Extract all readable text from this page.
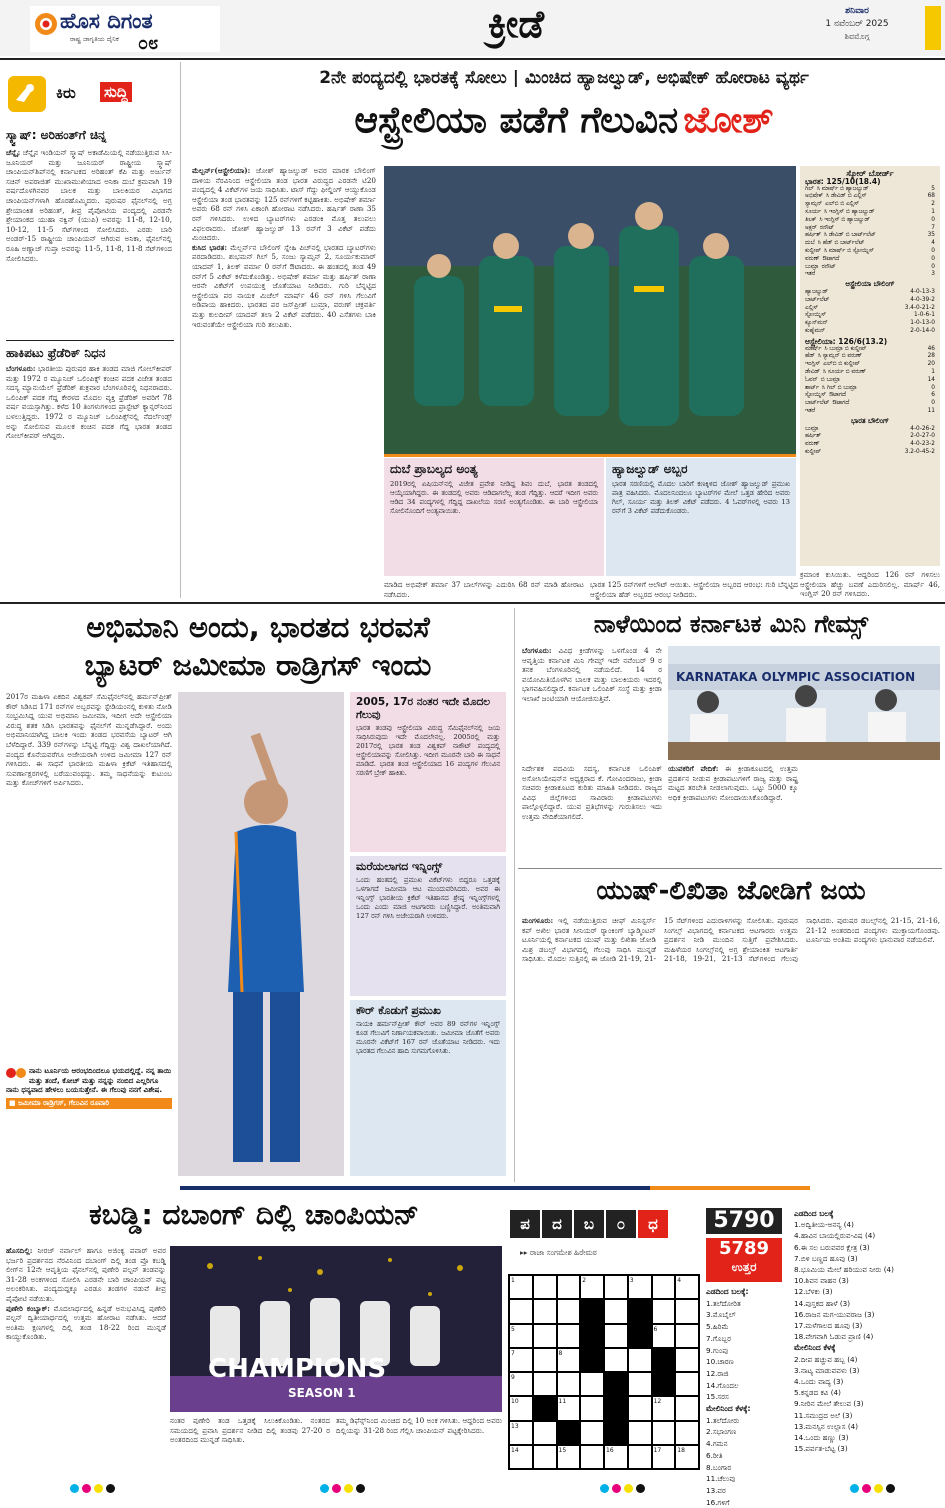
ಹೊಸ ದಿಗಂತ
ರಾಷ್ಟ್ರ ಜಾಗೃತಿಯ ದೈನಿಕ ೦೮	ಕ್ರೀಡೆ	ಶನಿವಾರ
1 ನವೆಂಬರ್ 2025
ಶಿವಮೊಗ್ಗ
ಕಿರು ಸುದ್ದಿ
ಸ್ಕ್ವಾಷ್: ಅರಿಹಂತ್‌ಗೆ ಚಿನ್ನ
ಚೆನ್ನೈ: ಚೆನ್ನೈನ ಇಂಡಿಯನ್ ಸ್ಕ್ವಾಷ್ ಅಕಾಡೆಮಿಯಲ್ಲಿ ನಡೆಯುತ್ತಿರುವ ಸಿಸಿ-ಜೂನಿಯರ್ ಮತ್ತು ಜೂನಿಯರ್ ರಾಷ್ಟ್ರೀಯ ಸ್ಕ್ವಾಷ್ ಚಾಂಪಿಯನ್‌ಶಿಪ್‌ನಲ್ಲಿ ಕರ್ನಾಟಕದ ಅರಿಹಂತ್ ಕೆಪಿ ಮತ್ತು ಅರ್ಜುನ್ ಸಚಿನ್ ಅಪರಾಜಿತ್ ಮುಖಾಮುಖಿಯಾದ ಅನಿಕಾ ದುಬೆ ಕ್ರಮವಾಗಿ 19 ವರ್ಷದೊಳಗಿನವರ ಬಾಲಕ ಮತ್ತು ಬಾಲಕಿಯರ ವಿಭಾಗದ ಚಾಂಪಿಯನ್‌ಗಳಾಗಿ ಹೊರಹೊಮ್ಮಿದರು. ಪುರುಷರ ಫೈನಲ್‌ನಲ್ಲಿ ಅಗ್ರ ಶ್ರೇಯಾಂಕಿತ ಅರಿಹಂತ್, ತೀವ್ರ ಪೈಪೋಟಿಯ ಪಂದ್ಯದಲ್ಲಿ ಎರಡನೇ ಶ್ರೇಯಾಂಕದ ಯುಹಾ ನಕ್ವಿನ್ (ಯುಪಿ) ಅವರನ್ನು 11-8, 12-10, 10-12, 11-5 ಸೆಟ್‌ಗಳಿಂದ ಸೋಲಿಸಿದರು. ಎರಡು ಬಾರಿ ಅಂಡರ್-15 ರಾಷ್ಟ್ರೀಯ ಚಾಂಪಿಯನ್ ಆಗಿರುವ ಅನಿಕಾ, ಫೈನಲ್‌ನಲ್ಲಿ ರೂಹಿ ಅಣ್ಣಾಜ್ ಗುಪ್ತಾ ಅವರನ್ನು 11-5, 11-8, 11-8 ಸೆಟ್‌ಗಳಿಂದ ಸೋಲಿಸಿದರು.
ಹಾಕಿಪಟು ಫ್ರೆಡೆರಿಕ್ ನಿಧನ
ಬೆಂಗಳೂರು: ಭಾರತೀಯ ಪುರುಷರ ಹಾಕಿ ತಂಡದ ಮಾಜಿ ಗೋಲ್‌ಕೀಪರ್ ಮತ್ತು 1972 ರ ಮ್ಯೂನಿಚ್ ಒಲಿಂಪಿಕ್ಸ್ ಕಂಚಿನ ಪದಕ ವಿಜೇತ ತಂಡದ ಸದಸ್ಯ ಮ್ಯಾನುಯೆಲ್ ಫ್ರೆಡೆರಿಕ್ ಶುಕ್ರವಾರ ಬೆಂಗಳೂರಿನಲ್ಲಿ ನಿಧನರಾದರು. ಒಲಿಂಪಿಕ್ ಪದಕ ಗೆದ್ದ ಕೇರಳದ ಮೊದಲ ವ್ಯಕ್ತಿ ಫ್ರೆಡೆರಿಕ್ ಅವರಿಗೆ 78 ವರ್ಷ ವಯಸ್ಸಾಗಿತ್ತು. ಕಳೆದ 10 ತಿಂಗಳುಗಳಿಂದ ಪ್ರಾಸ್ಟೇಟ್ ಕ್ಯಾನ್ಸರ್‌ನಿಂದ ಬಳಲುತ್ತಿದ್ದರು. 1972 ರ ಮ್ಯೂನಿಚ್ ಒಲಿಂಪಿಕ್ಸ್‌ನಲ್ಲಿ ನೆದರ್ಲೆಂಡ್ಸ್ ಅನ್ನು ಸೋಲಿಸುವ ಮೂಲಕ ಕಂಚಿನ ಪದಕ ಗೆದ್ದ ಭಾರತ ತಂಡದ ಗೋಲ್‌ಕೀಪರ್ ಆಗಿದ್ದರು.
2ನೇ ಪಂದ್ಯದಲ್ಲಿ ಭಾರತಕ್ಕೆ ಸೋಲು | ಮಿಂಚಿದ ಹ್ಯಾಜಲ್ವುಡ್, ಅಭಿಷೇಕ್ ಹೋರಾಟ ವ್ಯರ್ಥ
ಆಸ್ಟ್ರೇಲಿಯಾ ಪಡೆಗೆ ಗೆಲುವಿನ ಜೋಶ್
ಮೆಲ್ಬರ್ನ್(ಆಸ್ಟ್ರೇಲಿಯಾ): ಜೋಶ್ ಹ್ಯಾಜಲ್ವುಡ್ ಅವರ ಮಾರಕ ಬೌಲಿಂಗ್ ದಾಳಿಯ ನೆರವಿನಿಂದ ಆಸ್ಟ್ರೇಲಿಯಾ ತಂಡ ಭಾರತ ವಿರುದ್ಧದ ಎರಡನೇ ಟಿ20 ಪಂದ್ಯದಲ್ಲಿ 4 ವಿಕೆಟ್‌ಗಳ ಜಯ ಸಾಧಿಸಿತು. ಟಾಸ್ ಗೆದ್ದು ಫೀಲ್ಡಿಂಗ್ ಆಯ್ದುಕೊಂಡ ಆಸ್ಟ್ರೇಲಿಯಾ ತಂಡ ಭಾರತವನ್ನು 125 ರನ್‌ಗಳಿಗೆ ಕಟ್ಟಿಹಾಕಿತು. ಅಭಿಷೇಕ್ ಶರ್ಮಾ ಅವರು 68 ರನ್ ಗಳಿಸಿ ಏಕಾಂಗಿ ಹೋರಾಟ ನಡೆಸಿದರು. ಹರ್ಷಿತ್ ರಾಣಾ 35 ರನ್ ಗಳಿಸಿದರು. ಉಳಿದ ಬ್ಯಾಟರ್‌ಗಳು ಎರಡಂಕಿ ಮೊತ್ತ ತಲುಪಲು ವಿಫಲರಾದರು. ಜೋಶ್ ಹ್ಯಾಜಲ್ವುಡ್ 13 ರನ್‌ಗೆ 3 ವಿಕೆಟ್ ಪಡೆದು ಮಿಂಚಿದರು.
ಕುಸಿದ ಭಾರತ: ಮೆಲ್ಬರ್ನ್‌ನ ಬೌಲಿಂಗ್ ಸ್ನೇಹಿ ಪಿಚ್‌ನಲ್ಲಿ ಭಾರತದ ಬ್ಯಾಟರ್‌ಗಳು ಪರದಾಡಿದರು. ಶುಭಮನ್ ಗಿಲ್ 5, ಸಂಜು ಸ್ಯಾಮ್ಸನ್ 2, ಸೂರ್ಯಕುಮಾರ್ ಯಾದವ್ 1, ತಿಲಕ್ ವರ್ಮಾ 0 ರನ್‌ಗೆ ಔಟಾದರು. ಈ ಹಂತದಲ್ಲಿ ತಂಡ 49 ರನ್‌ಗೆ 5 ವಿಕೆಟ್ ಕಳೆದುಕೊಂಡಿತ್ತು. ಅಭಿಷೇಕ್ ಶರ್ಮಾ ಮತ್ತು ಹರ್ಷಿತ್ ರಾಣಾ ಆರನೇ ವಿಕೆಟ್‌ಗೆ ಉಪಯುಕ್ತ ಜೊತೆಯಾಟ ನೀಡಿದರು. ಗುರಿ ಬೆನ್ನಟ್ಟಿದ ಆಸ್ಟ್ರೇಲಿಯಾ ಪರ ನಾಯಕ ಮಿಚೆಲ್ ಮಾರ್ಷ್ 46 ರನ್ ಗಳಿಸಿ ಗೆಲುವಿಗೆ ಅಡಿಪಾಯ ಹಾಕಿದರು. ಭಾರತದ ಪರ ಜಸ್‌ಪ್ರೀತ್ ಬುಮ್ರಾ, ವರುಣ್ ಚಕ್ರವರ್ತಿ ಮತ್ತು ಕುಲದೀಪ್ ಯಾದವ್ ತಲಾ 2 ವಿಕೆಟ್ ಪಡೆದರು. 40 ಎಸೆತಗಳು ಬಾಕಿ ಇರುವಂತೆಯೇ ಆಸ್ಟ್ರೇಲಿಯಾ ಗುರಿ ತಲುಪಿತು.
ದುಬೆ ಪ್ರಾಬಲ್ಯದ ಅಂತ್ಯ
2019ರಲ್ಲಿ ಏಷಿಯನ್‌ನಲ್ಲಿ ವಿಜೇತ ಪ್ರವೇಶ ನೀಡಿದ್ದ ಶಿವಂ ದುಬೆ, ಭಾರತ ತಂಡದಲ್ಲಿ ಆಯ್ಕೆಯಾಗಿದ್ದರು. ಈ ತಂಡದಲ್ಲಿ ಅವರು ಆಡಿದಾಗಲೆಲ್ಲ ತಂಡ ಗೆದ್ದಿತ್ತು. ಆದರೆ ಇದೀಗ ಅವರು ಆಡಿದ 34 ಪಂದ್ಯಗಳಲ್ಲಿ ಗೆದ್ದಿದ್ದ ದಾಖಲೆಯ ಸರಣಿ ಅಂತ್ಯಗೊಂಡಿತು. ಈ ಬಾರಿ ಆಸ್ಟ್ರೇಲಿಯಾ ಸೋಲಿನೊಂದಿಗೆ ಅಂತ್ಯವಾಯಿತು.
ಹ್ಯಾಜಲ್ವುಡ್ ಅಬ್ಬರ
ಭಾರತ ಸರಣಿಯಲ್ಲಿ ಮೊದಲ ಬಾರಿಗೆ ಕಣಕ್ಕಿಳಿದ ಜೋಶ್ ಹ್ಯಾಜಲ್ವುಡ್ ಪ್ರಮುಖ ಪಾತ್ರ ವಹಿಸಿದರು. ಮೊದಲನಿಂದಲೂ ಬ್ಯಾಟರ್‌ಗಳ ಮೇಲೆ ಒತ್ತಡ ಹೇರಿದ ಅವರು ಗಿಲ್, ಸೂರ್ಯ ಮತ್ತು ತಿಲಕ್ ವಿಕೆಟ್ ಪಡೆದರು. 4 ಓವರ್‌ಗಳಲ್ಲಿ ಅವರು 13 ರನ್‌ಗೆ 3 ವಿಕೆಟ್ ಪಡೆದುಕೊಂಡರು.
ಮಾಡಿದ ಅಭಿಷೇಕ್ ಶರ್ಮಾ 37 ಬಾಲ್‌ಗಳನ್ನು ಎದುರಿಸಿ 68 ರನ್ ಮಾಡಿ ಹೋರಾಟ ನಡೆಸಿದರು.
ಭಾರತ 125 ರನ್‌ಗಳಿಗೆ ಆಲೌಟ್ ಆಯಿತು. ಆಸ್ಟ್ರೇಲಿಯಾ ಅಬ್ಬರದ ಆರಂಭ: ಗುರಿ ಬೆನ್ನಟ್ಟಿದ ಆಸ್ಟ್ರೇಲಿಯಾ ಹೆಡ್ ಅಬ್ಬರದ ಆರಂಭ ನೀಡಿದರು.
ಕ್ರಮಾಂಕ ಕುಸಿಯಿತು. ಆದ್ದರಿಂದ 126 ರನ್ ಗಳಿಸಲು ಆಸ್ಟ್ರೇಲಿಯಾ ಹೆಚ್ಚು ಬವಣೆ ಎದುರಿಸಲಿಲ್ಲ. ಮಾರ್ಷ್ 46, ಇಂಗ್ಲಿಸ್ 20 ರನ್ ಗಳಿಸಿದರು.
ಸ್ಕೋರ್ ಬೋರ್ಡ್
ಭಾರತ: 125/10(18.4)
ಗಿಲ್ ಸಿ ಮಾರ್ಷ್ ಬಿ ಹ್ಯಾಜಲ್ವುಡ್	5
ಅಭಿಷೇಕ್ ಸಿ ಡೇವಿಡ್ ಬಿ ಎಲ್ಲಿಸ್	68
ಸ್ಯಾಮ್ಸನ್ ಎಲ್‌ಬಿ ಬಿ ಎಲ್ಲಿಸ್	2
ಸೂರ್ಯ ಸಿ ಇಂಗ್ಲಿಸ್ ಬಿ ಹ್ಯಾಜಲ್ವುಡ್	1
ತಿಲಕ್ ಸಿ ಇಂಗ್ಲಿಸ್ ಬಿ ಹ್ಯಾಜಲ್ವುಡ್	0
ಅಕ್ಷರ್ ರನೌಟ್	7
ಹರ್ಷಿತ್ ಸಿ ಡೇವಿಡ್ ಬಿ ಬಾರ್ಟ್‌ಲೆಟ್	35
ದುಬೆ ಸಿ ಹೆಡ್ ಬಿ ಬಾರ್ಟ್‌ಲೆಟ್	4
ಕುಲ್ದೀಪ್ ಸಿ ಮಾರ್ಷ್ ಬಿ ಸ್ಟೋಯ್ನಿಸ್	0
ವರುಣ್ ಔಟಾಗದೆ	0
ಬುಮ್ರಾ ರನೌಟ್	0
ಇತರೆ	3
ಆಸ್ಟ್ರೇಲಿಯಾ ಬೌಲಿಂಗ್
ಹ್ಯಾಜಲ್ವುಡ್	4-0-13-3
ಬಾರ್ಟ್‌ಲೆಟ್	4-0-39-2
ಎಲ್ಲಿಸ್	3.4-0-21-2
ಸ್ಟೋಯ್ನಿಸ್	1-0-6-1
ಕ್ಯೂನ್‌ಮನ್	1-0-13-0
ಕುಹ್ನೆಮನ್	2-0-14-0
ಆಸ್ಟ್ರೇಲಿಯಾ: 126/6(13.2)
ಮಾರ್ಷ್ ಸಿ ಬುಮ್ರಾ ಬಿ ಕುಲ್ದೀಪ್	46
ಹೆಡ್ ಸಿ ಸ್ಯಾಮ್ಸನ್ ಬಿ ವರುಣ್	28
ಇಂಗ್ಲಿಸ್ ಎಲ್‌ಬಿ ಬಿ ಕುಲ್ದೀಪ್	20
ಡೇವಿಡ್ ಸಿ ಸೂರ್ಯ ಬಿ ವರುಣ್	1
ಓವನ್ ಬಿ ಬುಮ್ರಾ	14
ಶಾರ್ಟ್ ಸಿ ಗಿಲ್ ಬಿ ಬುಮ್ರಾ	0
ಸ್ಟೋಯ್ನಿಸ್ ಔಟಾಗದೆ	6
ಬಾರ್ಟ್‌ಲೆಟ್ ಔಟಾಗದೆ	0
ಇತರೆ	11
ಭಾರತ ಬೌಲಿಂಗ್
ಬುಮ್ರಾ	4-0-26-2
ಹರ್ಷಿತ್	2-0-27-0
ವರುಣ್	4-0-23-2
ಕುಲ್ದೀಪ್	3.2-0-45-2
ಅಭಿಮಾನಿ ಅಂದು, ಭಾರತದ ಭರವಸೆ
ಬ್ಯಾಟರ್ ಜಮೀಮಾ ರಾಡ್ರಿಗಸ್ ಇಂದು
2017ರ ಮಹಿಳಾ ಏಕದಿನ ವಿಶ್ವಕಪ್ ಸೆಮಿಫೈನಲ್‌ನಲ್ಲಿ ಹರ್ಮನ್‌ಪ್ರೀತ್ ಕೌರ್ ಸಿಡಿಸಿದ 171 ರನ್‌ಗಳ ಅಬ್ಬರವನ್ನು ಸ್ಟೇಡಿಯಂನಲ್ಲಿ ಕುಳಿತು ನೋಡಿ ಸಂಭ್ರಮಿಸಿದ್ದ ಯುವ ಅಭಿಮಾನಿ ಜಮೀಮಾ, ಇದೀಗ ಅದೇ ಆಸ್ಟ್ರೇಲಿಯಾ ವಿರುದ್ಧ ಶತಕ ಸಿಡಿಸಿ ಭಾರತವನ್ನು ಫೈನಲ್‌ಗೆ ಮುನ್ನಡೆಸಿದ್ದಾರೆ. ಅಂದು ಅಭಿಮಾನಿಯಾಗಿದ್ದ ಬಾಲಕಿ ಇಂದು ತಂಡದ ಭರವಸೆಯ ಬ್ಯಾಟರ್ ಆಗಿ ಬೆಳೆದಿದ್ದಾರೆ. 339 ರನ್‌ಗಳನ್ನು ಬೆನ್ನಟ್ಟಿ ಗೆದ್ದಿದ್ದು ವಿಶ್ವ ದಾಖಲೆಯಾಗಿದೆ. ಪಂದ್ಯದ ಕೊನೆಯವರೆಗೂ ಅಜೇಯರಾಗಿ ಉಳಿದ ಜಮೀಮಾ 127 ರನ್ ಗಳಿಸಿದರು. ಈ ಸಾಧನೆ ಭಾರತೀಯ ಮಹಿಳಾ ಕ್ರಿಕೆಟ್ ಇತಿಹಾಸದಲ್ಲಿ ಸುವರ್ಣಾಕ್ಷರಗಳಲ್ಲಿ ಬರೆಯುವಂಥದ್ದು. ತಮ್ಮ ಸಾಧನೆಯನ್ನು ಕುಟುಂಬ ಮತ್ತು ಕೋಚ್‌ಗಳಿಗೆ ಅರ್ಪಿಸಿದರು.
ನಾನು ಟೂರ್ನಿಯ ಆರಂಭದಿಂದಲೂ ಭಯದಲ್ಲಿದ್ದೆ. ನನ್ನ ತಾಯಿ ಮತ್ತು ತಂದೆ, ಕೋಚ್ ಮತ್ತು ನನ್ನನ್ನು ನಂಬಿದ ಎಲ್ಲರಿಗೂ ನಾನು ಧನ್ಯವಾದ ಹೇಳಲು ಬಯಸುತ್ತೇನೆ. ಈ ಗೆಲುವು ನನಗೆ ವಿಶೇಷ.
■ ಜಮೀಮಾ ರಾಡ್ರಿಗಸ್, ಗೆಲುವಿನ ರೂವಾರಿ
2005, 17ರ ನಂತರ ಇದೇ ಮೊದಲ ಗೆಲುವು
ಭಾರತ ತಂಡವು ಆಸ್ಟ್ರೇಲಿಯಾ ವಿರುದ್ಧ ಸೆಮಿಫೈನಲ್‌ನಲ್ಲಿ ಜಯ ಸಾಧಿಸಿರುವುದು ಇದೇ ಮೊದಲೇನಲ್ಲ. 2005ರಲ್ಲಿ ಮತ್ತು 2017ರಲ್ಲಿ ಭಾರತ ತಂಡ ವಿಶ್ವಕಪ್ ನಾಕೌಟ್ ಪಂದ್ಯದಲ್ಲಿ ಆಸ್ಟ್ರೇಲಿಯಾವನ್ನು ಸೋಲಿಸಿತ್ತು. ಇದೀಗ ಮೂರನೇ ಬಾರಿ ಈ ಸಾಧನೆ ಮಾಡಿದೆ. ಭಾರತ ತಂಡ ಆಸ್ಟ್ರೇಲಿಯಾದ 16 ಪಂದ್ಯಗಳ ಗೆಲುವಿನ ಸರಣಿಗೆ ಬ್ರೇಕ್ ಹಾಕಿತು.
ಮರೆಯಲಾಗದ ಇನ್ನಿಂಗ್ಸ್
ಒಂದು ಹಂತದಲ್ಲಿ ಪ್ರಮುಖ ವಿಕೆಟ್‌ಗಳು ಬಿದ್ದರೂ ಒತ್ತಡಕ್ಕೆ ಒಳಗಾಗದೆ ಜಮೀಮಾ ಆಟ ಮುಂದುವರಿಸಿದರು. ಅವರ ಈ ಇನ್ನಿಂಗ್ಸ್ ಭಾರತೀಯ ಕ್ರಿಕೆಟ್ ಇತಿಹಾಸದ ಶ್ರೇಷ್ಠ ಇನ್ನಿಂಗ್ಸ್‌ಗಳಲ್ಲಿ ಒಂದು ಎಂದು ಮಾಜಿ ಆಟಗಾರರು ಬಣ್ಣಿಸಿದ್ದಾರೆ. ಅಂತಿಮವಾಗಿ 127 ರನ್ ಗಳಿಸಿ ಅಜೇಯರಾಗಿ ಉಳಿದರು.
ಕೌರ್ ಕೊಡುಗೆ ಪ್ರಮುಖ
ನಾಯಕಿ ಹರ್ಮನ್‌ಪ್ರೀತ್ ಕೌರ್ ಅವರ 89 ರನ್‌ಗಳ ಇನ್ನಿಂಗ್ಸ್ ಕೂಡ ಗೆಲುವಿಗೆ ನಿರ್ಣಾಯಕವಾಯಿತು. ಜಮೀಮಾ ಜೊತೆಗೆ ಅವರು ಮೂರನೇ ವಿಕೆಟ್‌ಗೆ 167 ರನ್ ಜೊತೆಯಾಟ ನೀಡಿದರು. ಇದು ಭಾರತದ ಗೆಲುವಿನ ಹಾದಿ ಸುಗಮಗೊಳಿಸಿತು.
ನಾಳೆಯಿಂದ ಕರ್ನಾಟಕ ಮಿನಿ ಗೇಮ್ಸ್
ಬೆಂಗಳೂರು: ವಿವಿಧ ಕ್ರೀಡೆಗಳನ್ನು ಒಳಗೊಂಡ 4 ನೇ ಆವೃತ್ತಿಯ ಕರ್ನಾಟಕ ಮಿನಿ ಗೇಮ್ಸ್ ಇದೇ ನವೆಂಬರ್ 9 ರ ತನಕ ಬೆಂಗಳೂರಿನಲ್ಲಿ ನಡೆಯಲಿದೆ. 14 ರ ವಯೋಮಿತಿಯೊಳಗಿನ ಬಾಲಕ ಮತ್ತು ಬಾಲಕಿಯರು ಇದರಲ್ಲಿ ಭಾಗವಹಿಸಲಿದ್ದಾರೆ. ಕರ್ನಾಟಕ ಒಲಿಂಪಿಕ್ ಸಂಸ್ಥೆ ಮತ್ತು ಕ್ರೀಡಾ ಇಲಾಖೆ ಜಂಟಿಯಾಗಿ ಆಯೋಜಿಸುತ್ತಿವೆ.
KARNATAKA OLYMPIC ASSOCIATION
ನಿರ್ದೇಶಕ ಪದವಿಯ ಸದಸ್ಯ, ಕರ್ನಾಟಕ ಒಲಿಂಪಿಕ್ ಅಸೋಸಿಯೇಷನ್‌ನ ಅಧ್ಯಕ್ಷರಾದ ಕೆ. ಗೋವಿಂದರಾಜು, ಕ್ರೀಡಾ ಸಚಿವರು ಕ್ರೀಡಾಕೂಟದ ಕುರಿತು ಮಾಹಿತಿ ನೀಡಿದರು. ರಾಜ್ಯದ ವಿವಿಧ ಜಿಲ್ಲೆಗಳಿಂದ ಸಾವಿರಾರು ಕ್ರೀಡಾಪಟುಗಳು ಪಾಲ್ಗೊಳ್ಳಲಿದ್ದಾರೆ. ಯುವ ಪ್ರತಿಭೆಗಳನ್ನು ಗುರುತಿಸಲು ಇದು ಉತ್ತಮ ವೇದಿಕೆಯಾಗಲಿದೆ.
ಯುವಕರಿಗೆ ವೇದಿಕೆ: ಈ ಕ್ರೀಡಾಕೂಟದಲ್ಲಿ ಉತ್ತಮ ಪ್ರದರ್ಶನ ನೀಡುವ ಕ್ರೀಡಾಪಟುಗಳಿಗೆ ರಾಜ್ಯ ಮತ್ತು ರಾಷ್ಟ್ರ ಮಟ್ಟದ ತರಬೇತಿ ನೀಡಲಾಗುವುದು. ಒಟ್ಟು 5000 ಕ್ಕೂ ಅಧಿಕ ಕ್ರೀಡಾಪಟುಗಳು ನೋಂದಾಯಿಸಿಕೊಂಡಿದ್ದಾರೆ.
ಯುಷ್-ಲಿಖಿತಾ ಜೋಡಿಗೆ ಜಯ
ಮಂಗಳೂರು: ಇಲ್ಲಿ ನಡೆಯುತ್ತಿರುವ ಚೀಫ್ ಮಿನಿಸ್ಟರ್ಸ್ ಕಪ್ ಅಖಿಲ ಭಾರತ ಸೀನಿಯರ್ ರ‍್ಯಾಂಕಿಂಗ್ ಬ್ಯಾಡ್ಮಿಂಟನ್ ಟೂರ್ನಿಯಲ್ಲಿ ಕರ್ನಾಟಕದ ಯುಷ್ ಮತ್ತು ಲಿಖಿತಾ ಜೋಡಿ ಮಿಶ್ರ ಡಬಲ್ಸ್ ವಿಭಾಗದಲ್ಲಿ ಗೆಲುವು ಸಾಧಿಸಿ ಮುನ್ನಡೆ ಸಾಧಿಸಿತು. ಮೊದಲ ಸುತ್ತಿನಲ್ಲಿ ಈ ಜೋಡಿ 21-19, 21-15 ಸೆಟ್‌ಗಳಿಂದ ಎದುರಾಳಿಗಳನ್ನು ಸೋಲಿಸಿತು. ಪುರುಷರ ಸಿಂಗಲ್ಸ್ ವಿಭಾಗದಲ್ಲಿ ಕರ್ನಾಟಕದ ಆಟಗಾರರು ಉತ್ತಮ ಪ್ರದರ್ಶನ ನೀಡಿ ಮುಂದಿನ ಸುತ್ತಿಗೆ ಪ್ರವೇಶಿಸಿದರು. ಮಹಿಳೆಯರ ಸಿಂಗಲ್ಸ್‌ನಲ್ಲಿ ಅಗ್ರ ಶ್ರೇಯಾಂಕಿತ ಆಟಗಾರ್ತಿ 21-18, 19-21, 21-13 ಸೆಟ್‌ಗಳಿಂದ ಗೆಲುವು ಸಾಧಿಸಿದರು. ಪುರುಷರ ಡಬಲ್ಸ್‌ನಲ್ಲಿ 21-15, 21-16, 21-12 ಅಂತರದಿಂದ ಪಂದ್ಯಗಳು ಮುಕ್ತಾಯಗೊಂಡವು. ಟೂರ್ನಿಯ ಅಂತಿಮ ಪಂದ್ಯಗಳು ಭಾನುವಾರ ನಡೆಯಲಿವೆ.
ಕಬಡ್ಡಿ: ದಬಾಂಗ್ ದಿಲ್ಲಿ ಚಾಂಪಿಯನ್
ಹೊಸದಿಲ್ಲಿ: ನೀರಜ್ ನರ್ವಾಲ್ ಹಾಗೂ ಅಜಿಂಕ್ಯ ಪವಾರ್ ಅವರ ಭರ್ಜರಿ ಪ್ರದರ್ಶನದ ನೆರವಿನಿಂದ ದಬಾಂಗ್ ದಿಲ್ಲಿ ತಂಡ ಪ್ರೊ ಕಬಡ್ಡಿ ಲೀಗ್‌ನ 12ನೇ ಆವೃತ್ತಿಯ ಫೈನಲ್‌ನಲ್ಲಿ ಪುಣೇರಿ ಪಲ್ಟನ್ ತಂಡವನ್ನು 31-28 ಅಂಕಗಳಿಂದ ಸೋಲಿಸಿ ಎರಡನೇ ಬಾರಿ ಚಾಂಪಿಯನ್ ಪಟ್ಟ ಅಲಂಕರಿಸಿತು. ಪಂದ್ಯದುದ್ದಕ್ಕೂ ಎರಡೂ ತಂಡಗಳ ನಡುವೆ ತೀವ್ರ ಪೈಪೋಟಿ ನಡೆಯಿತು.
ಪುಣೇರಿ ಕಂಬ್ಯಾಕ್: ಮೊದಲಾರ್ಧದಲ್ಲಿ ಹಿನ್ನಡೆ ಅನುಭವಿಸಿದ್ದ ಪುಣೇರಿ ಪಲ್ಟನ್ ದ್ವಿತೀಯಾರ್ಧದಲ್ಲಿ ಉತ್ತಮ ಹೋರಾಟ ನಡೆಸಿತು. ಆದರೆ ಅಂತಿಮ ಕ್ಷಣಗಳಲ್ಲಿ ದಿಲ್ಲಿ ತಂಡ 18-22 ರಿಂದ ಮುನ್ನಡೆ ಕಾಯ್ದುಕೊಂಡಿತು.
CHAMPIONS
SEASON 1
ನಂತರ ಪುಣೇರಿ ತಂಡ ಒತ್ತಡಕ್ಕೆ ಸಿಲುಕಿಕೊಂಡಿತು. ನಂತರದ ಸಮಯದಲ್ಲಿ ಪ್ರವಾಸಿ ಪ್ರದರ್ಶನ ನೀಡಿದ ದಿಲ್ಲಿ ತಂಡವು 27-20 ರ ಅಂತರದಿಂದ ಮುನ್ನಡೆ ಸಾಧಿಸಿತು.
ತಮ್ಮ ಡಿಫೆನ್ಸ್‌ನಿಂದ ಮಿಂಚಿದ ದಿಲ್ಲಿ 10 ಅಂಕ ಗಳಿಸಿತು. ಆದ್ದರಿಂದ ಅವರು ದಿಲ್ಲಿಯನ್ನು 31-28 ರಿಂದ ಗೆಲ್ಲಿಸಿ ಚಾಂಪಿಯನ್ ಪಟ್ಟಕ್ಕೇರಿಸಿದರು.
ಪ	ದ	ಬ	೦	ಧ
▸▸ ರಾಜಾ ಸಂಗಮೇಶ ಹಿರೇಮಠ
5790
5789
ಉತ್ತರ
1	2	3	4
5	6
7	8
9
10	11	12
13
14	15	16	17	18
ಎಡದಿಂದ ಬಲಕ್ಕೆ:
1.ತಲೆದೋರಿತ
3.ಮೊಬೈಲ್
5.ಹಿರಿಮೆ
7.ಗೊಬ್ಬರ
9.ಗುಂಪು
10.ಚಾರಣ
12.ರಾಜಿ
14.ಗೊಂದಲ
15.ಸರಸ
ಮೇಲಿನಿಂದ ಕೆಳಕ್ಕೆ:
1.ತಲೆದೋರು
2.ಸಭಾಂಗಣ
4.ಗಮನ
6.ರೀತಿ
8.ಬಂಗಾರ
11.ಚೆಲುವು
13.ವರ
16.ಗಳಿಗೆ
ಎಡದಿಂದ ಬಲಕ್ಕೆ
1.ಅದ್ವಿತೀಯ-ಅನನ್ಯ (4)
4.ಹಾವಿನ ಬಾಯಲ್ಲಿರುವ-ವಿಷ (4)
6.ಈ ಸಲ ಬರುವವರ ಕ್ಷೇತ್ರ (3)
7.ಬಿಳಿ ಬಣ್ಣದ ಹೂವು (3)
8.ಭೂಮಿಯ ಮೇಲೆ ಹರಿಯುವ ನೀರು (4)
10.ಶಿವನ ವಾಹನ (3)
12.ಬೆಳಕು (3)
14.ಪುಸ್ತಕದ ಹಾಳೆ (3)
16.ರಾಜನ ಮಗ-ಯುವರಾಜ (3)
17.ಮಳೆಗಾಲದ ಹೂವು (3)
18.ವೇಗವಾಗಿ ಓಡುವ ಪ್ರಾಣಿ (4)
ಮೇಲಿನಿಂದ ಕೆಳಕ್ಕೆ
2.ದೀಪ ಹಚ್ಚುವ ಹಬ್ಬ (4)
3.ನಾಟ್ಯ ಮಾಡುವವಳು (3)
4.ಒಂದು ವಾದ್ಯ (3)
5.ಕನ್ನಡದ ಕವಿ (4)
9.ನೀರಿನ ಮೇಲೆ ತೇಲುವ (3)
11.ಸಮುದ್ರದ ಅಲೆ (3)
13.ಮನಸ್ಸಿನ ಉಲ್ಲಾಸ (4)
14.ಒಂದು ಹಣ್ಣು (3)
15.ಪರ್ವತ-ಬೆಟ್ಟ (3)
